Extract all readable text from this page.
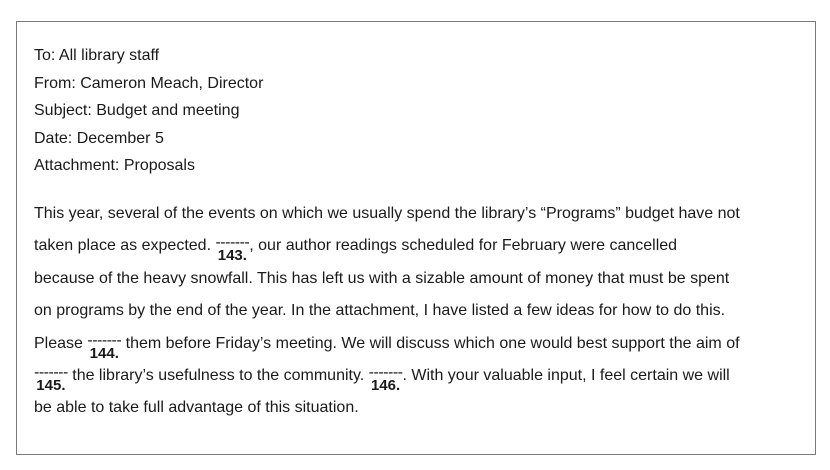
To: All library staff
From: Cameron Meach, Director
Subject: Budget and meeting
Date: December 5
Attachment: Proposals
This year, several of the events on which we usually spend the library’s “Programs” budget have not
taken place as expected. -------
143.
, our author readings scheduled for February were cancelled
because of the heavy snowfall. This has left us with a sizable amount of money that must be spent
on programs by the end of the year. In the attachment, I have listed a few ideas for how to do this.
Please -------
144.
them before Friday’s meeting. We will discuss which one would best support the aim of
-------
145.
the library’s usefulness to the community. -------
146.
. With your valuable input, I feel certain we will
be able to take full advantage of this situation.
